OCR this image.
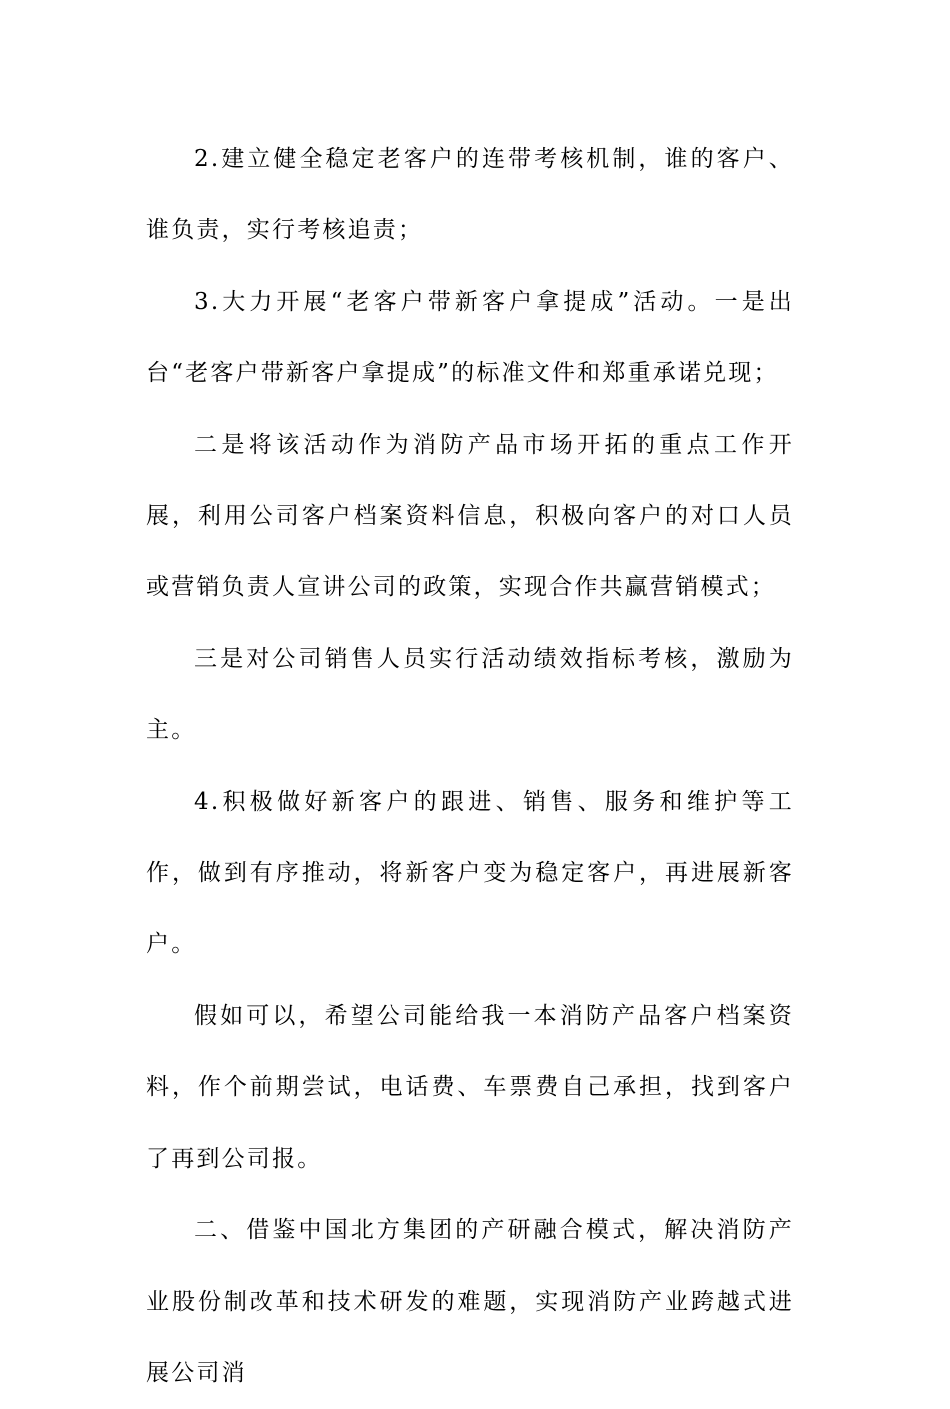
2.建立健全稳定老客户的连带考核机制，谁的客户、谁负责，实行考核追责；

3.大力开展“老客户带新客户拿提成”活动。一是出台“老客户带新客户拿提成”的标准文件和郑重承诺兑现；

二是将该活动作为消防产品市场开拓的重点工作开展，利用公司客户档案资料信息，积极向客户的对口人员或营销负责人宣讲公司的政策，实现合作共赢营销模式；

三是对公司销售人员实行活动绩效指标考核，激励为主。

4.积极做好新客户的跟进、销售、服务和维护等工作，做到有序推动，将新客户变为稳定客户，再进展新客户。

假如可以，希望公司能给我一本消防产品客户档案资料，作个前期尝试，电话费、车票费自己承担，找到客户了再到公司报。

二、借鉴中国北方集团的产研融合模式，解决消防产业股份制改革和技术研发的难题，实现消防产业跨越式进展公司消
